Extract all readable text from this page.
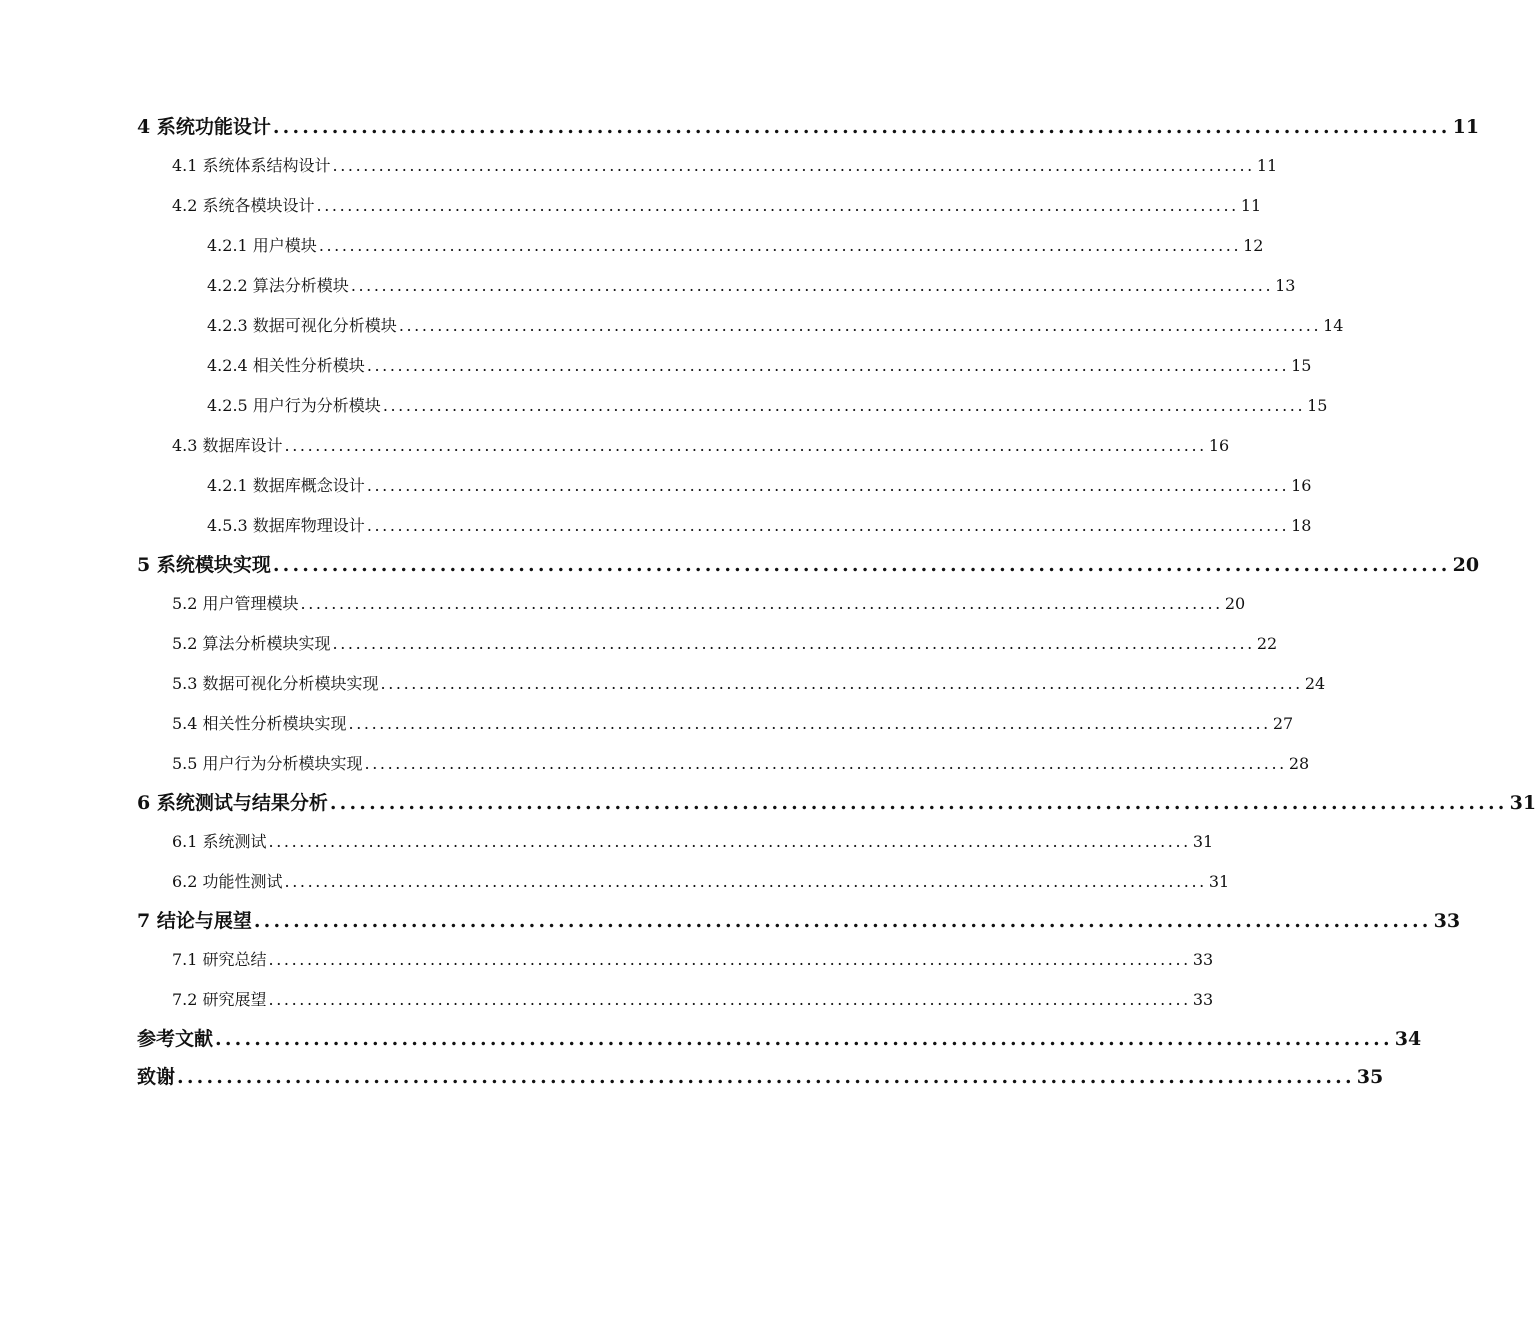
4 系统功能设计 ........................................................................................................................ 11
4.1 系统体系结构设计 ........................................................................................................................ 11
4.2 系统各模块设计 ........................................................................................................................ 11
4.2.1 用户模块 ........................................................................................................................ 12
4.2.2 算法分析模块 ........................................................................................................................ 13
4.2.3 数据可视化分析模块 ........................................................................................................................ 14
4.2.4 相关性分析模块 ........................................................................................................................ 15
4.2.5 用户行为分析模块 ........................................................................................................................ 15
4.3 数据库设计 ........................................................................................................................ 16
4.2.1 数据库概念设计 ........................................................................................................................ 16
4.5.3 数据库物理设计 ........................................................................................................................ 18
5 系统模块实现 ........................................................................................................................ 20
5.2 用户管理模块 ........................................................................................................................ 20
5.2 算法分析模块实现 ........................................................................................................................ 22
5.3 数据可视化分析模块实现 ........................................................................................................................ 24
5.4 相关性分析模块实现 ........................................................................................................................ 27
5.5 用户行为分析模块实现 ........................................................................................................................ 28
6 系统测试与结果分析 ........................................................................................................................ 31
6.1 系统测试 ........................................................................................................................ 31
6.2 功能性测试 ........................................................................................................................ 31
7 结论与展望 ........................................................................................................................ 33
7.1 研究总结 ........................................................................................................................ 33
7.2 研究展望 ........................................................................................................................ 33
参考文献 ........................................................................................................................ 34
致谢 ........................................................................................................................ 35
